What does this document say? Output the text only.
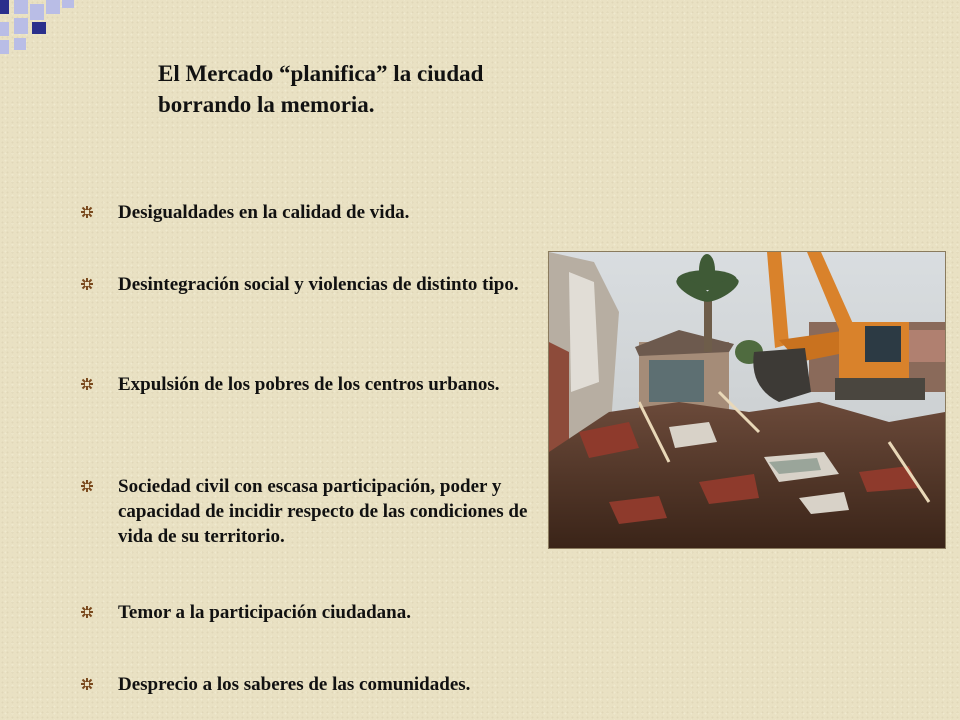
El Mercado “planifica” la ciudad
borrando la memoria.
Desigualdades en la calidad de vida.
Desintegración social y violencias de distinto tipo.
Expulsión de los pobres de los centros urbanos.
Sociedad civil con escasa participación, poder y capacidad de incidir respecto de las condiciones de vida de su territorio.
Temor a la participación ciudadana.
Desprecio a los saberes de las comunidades.
